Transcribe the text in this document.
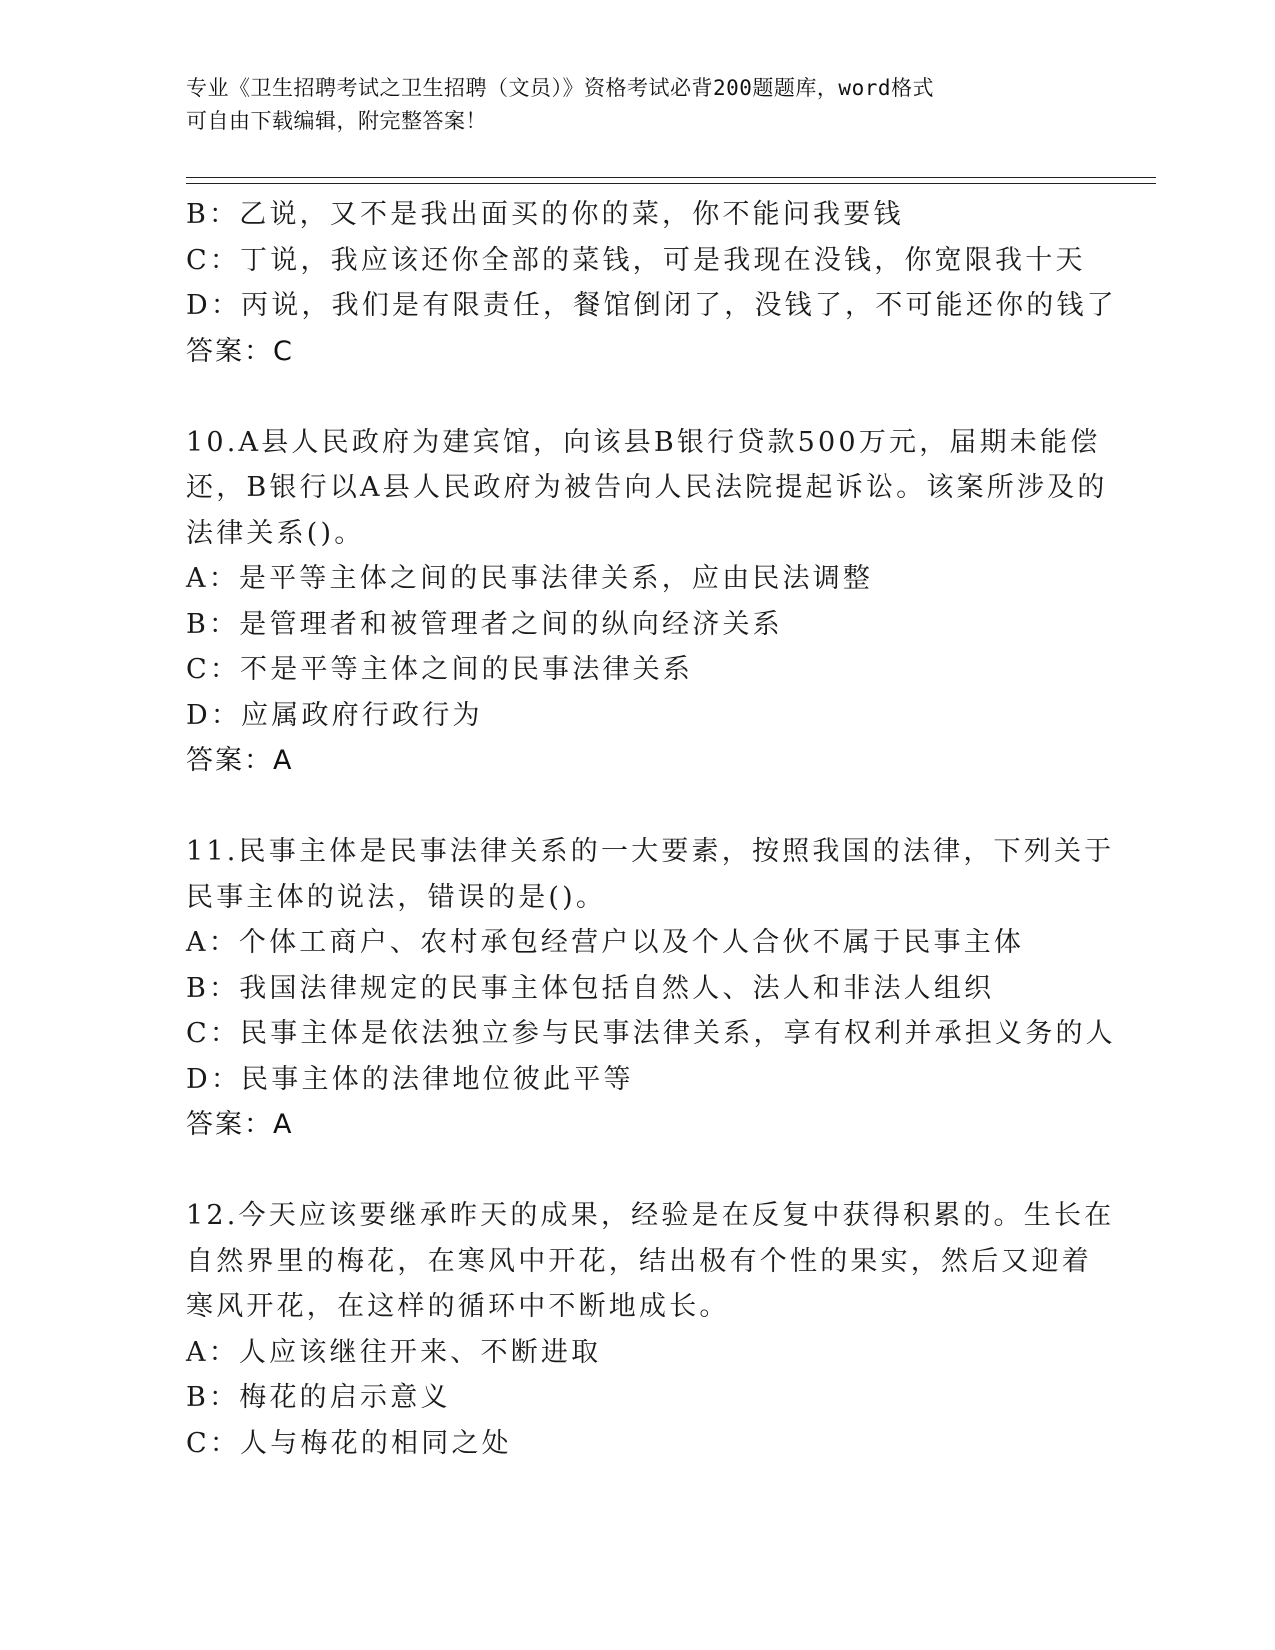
专业《卫生招聘考试之卫生招聘（文员）》资格考试必背200题题库，word格式
可自由下载编辑，附完整答案！
B：乙说，又不是我出面买的你的菜，你不能问我要钱
C：丁说，我应该还你全部的菜钱，可是我现在没钱，你宽限我十天
D：丙说，我们是有限责任，餐馆倒闭了，没钱了，不可能还你的钱了
答案：C
10.A县人民政府为建宾馆，向该县B银行贷款500万元，届期未能偿
还，B银行以A县人民政府为被告向人民法院提起诉讼。该案所涉及的
法律关系()。
A：是平等主体之间的民事法律关系，应由民法调整
B：是管理者和被管理者之间的纵向经济关系
C：不是平等主体之间的民事法律关系
D：应属政府行政行为
答案：A
11.民事主体是民事法律关系的一大要素，按照我国的法律，下列关于
民事主体的说法，错误的是()。
A：个体工商户、农村承包经营户以及个人合伙不属于民事主体
B：我国法律规定的民事主体包括自然人、法人和非法人组织
C：民事主体是依法独立参与民事法律关系，享有权利并承担义务的人
D：民事主体的法律地位彼此平等
答案：A
12.今天应该要继承昨天的成果，经验是在反复中获得积累的。生长在
自然界里的梅花，在寒风中开花，结出极有个性的果实，然后又迎着
寒风开花，在这样的循环中不断地成长。
A：人应该继往开来、不断进取
B：梅花的启示意义
C：人与梅花的相同之处
